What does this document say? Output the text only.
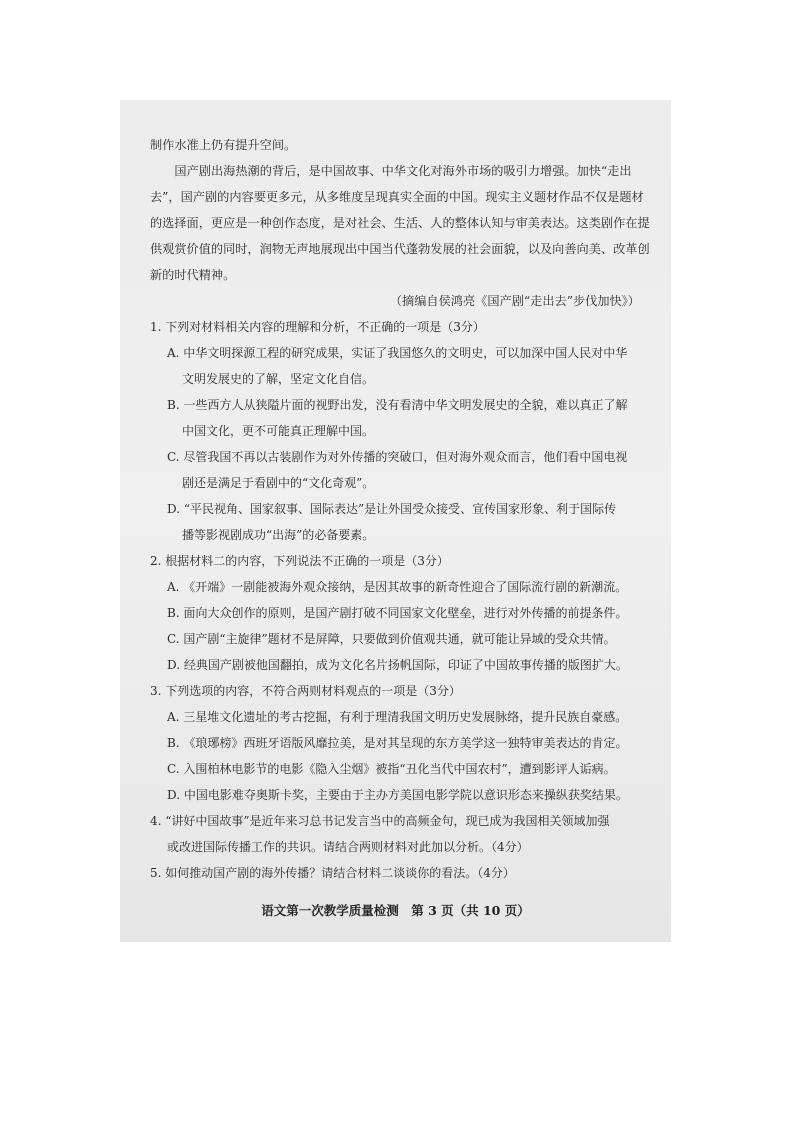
制作水准上仍有提升空间。

国产剧出海热潮的背后，是中国故事、中华文化对海外市场的吸引力增强。加快“走出去”，国产剧的内容要更多元，从多维度呈现真实全面的中国。现实主义题材作品不仅是题材的选择面，更应是一种创作态度，是对社会、生活、人的整体认知与审美表达。这类剧作在提供观赏价值的同时，润物无声地展现出中国当代蓬勃发展的社会面貌，以及向善向美、改革创新的时代精神。

（摘编自侯鸿亮《国产剧“走出去”步伐加快》）

1. 下列对材料相关内容的理解和分析，不正确的一项是（3分）

A. 中华文明探源工程的研究成果，实证了我国悠久的文明史，可以加深中国人民对中华
文明发展史的了解，坚定文化自信。

B. 一些西方人从狭隘片面的视野出发，没有看清中华文明发展史的全貌，难以真正了解
中国文化，更不可能真正理解中国。

C. 尽管我国不再以古装剧作为对外传播的突破口，但对海外观众而言，他们看中国电视
剧还是满足于看剧中的“文化奇观”。

D. “平民视角、国家叙事、国际表达”是让外国受众接受、宣传国家形象、利于国际传
播等影视剧成功“出海”的必备要素。

2. 根据材料二的内容，下列说法不正确的一项是（3分）

A. 《开端》一剧能被海外观众接纳，是因其故事的新奇性迎合了国际流行剧的新潮流。

B. 面向大众创作的原则，是国产剧打破不同国家文化壁垒，进行对外传播的前提条件。

C. 国产剧“主旋律”题材不是屏障，只要做到价值观共通，就可能让异域的受众共情。

D. 经典国产剧被他国翻拍，成为文化名片扬帆国际，印证了中国故事传播的版图扩大。

3. 下列选项的内容，不符合两则材料观点的一项是（3分）

A. 三星堆文化遗址的考古挖掘，有利于理清我国文明历史发展脉络，提升民族自豪感。

B. 《琅琊榜》西班牙语版风靡拉美，是对其呈现的东方美学这一独特审美表达的肯定。

C. 入围柏林电影节的电影《隐入尘烟》被指“丑化当代中国农村”，遭到影评人诟病。

D. 中国电影难夺奥斯卡奖，主要由于主办方美国电影学院以意识形态来操纵获奖结果。

4. “讲好中国故事”是近年来习总书记发言当中的高频金句，现已成为我国相关领域加强
或改进国际传播工作的共识。请结合两则材料对此加以分析。（4分）

5. 如何推动国产剧的海外传播？请结合材料二谈谈你的看法。（4分）

语文第一次教学质量检测　第 3 页（共 10 页）
